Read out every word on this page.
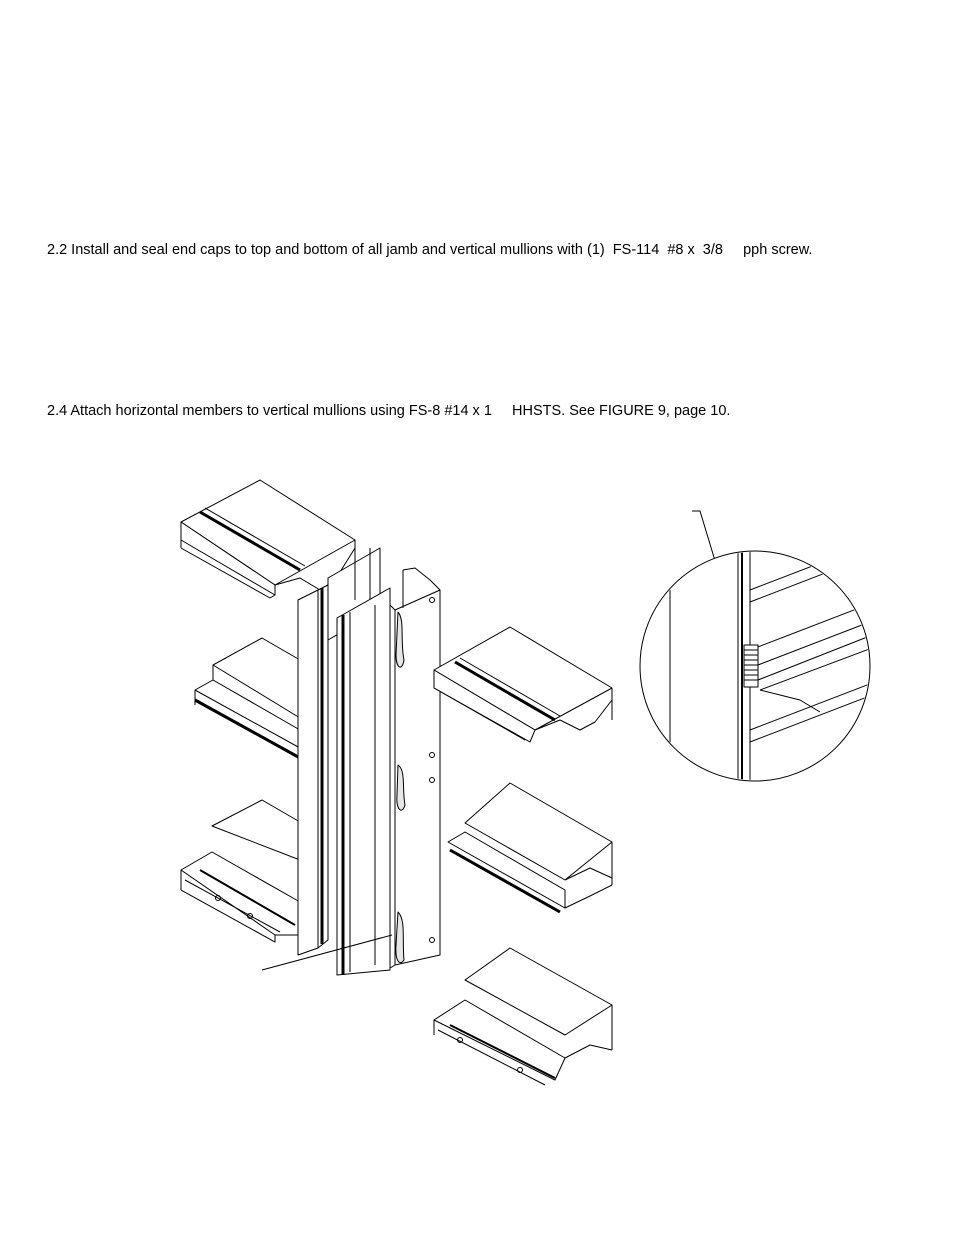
2.2 Install and seal end caps to top and bottom of all jamb and vertical mullions with (1)  FS-114  #8 x  3/8     pph screw.
2.4 Attach horizontal members to vertical mullions using FS-8 #14 x 1     HHSTS. See FIGURE 9, page 10.
